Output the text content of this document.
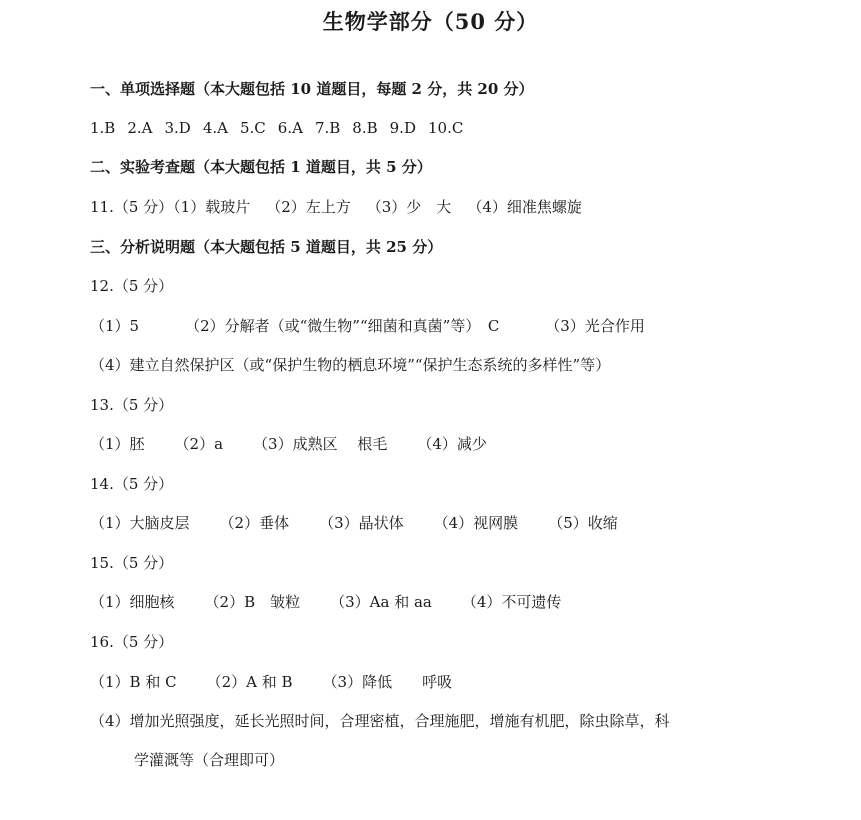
生物学部分（50 分）
一、单项选择题（本大题包括 10 道题目，每题 2 分，共 20 分）
1.B 2.A 3.D 4.A 5.C 6.A 7.B 8.B 9.D 10.C
二、实验考查题（本大题包括 1 道题目，共 5 分）
11.（5 分）（1）载玻片 （2）左上方 （3）少　大 （4）细准焦螺旋
三、分析说明题（本大题包括 5 道题目，共 25 分）
12.（5 分）
（1）5	（2）分解者（或“微生物”“细菌和真菌”等）　C	（3）光合作用
（4）建立自然保护区（或“保护生物的栖息环境”“保护生态系统的多样性”等）
13.（5 分）
（1）胚 （2）a （3）成熟区　 根毛 （4）减少
14.（5 分）
（1）大脑皮层 （2）垂体 （3）晶状体 （4）视网膜 （5）收缩
15.（5 分）
（1）细胞核 （2）B　皱粒 （3）Aa 和 aa （4）不可遗传
16.（5 分）
（1）B 和 C （2）A 和 B （3）降低　　呼吸
（4）增加光照强度，延长光照时间，合理密植，合理施肥，增施有机肥，除虫除草，科
学灌溉等（合理即可）
